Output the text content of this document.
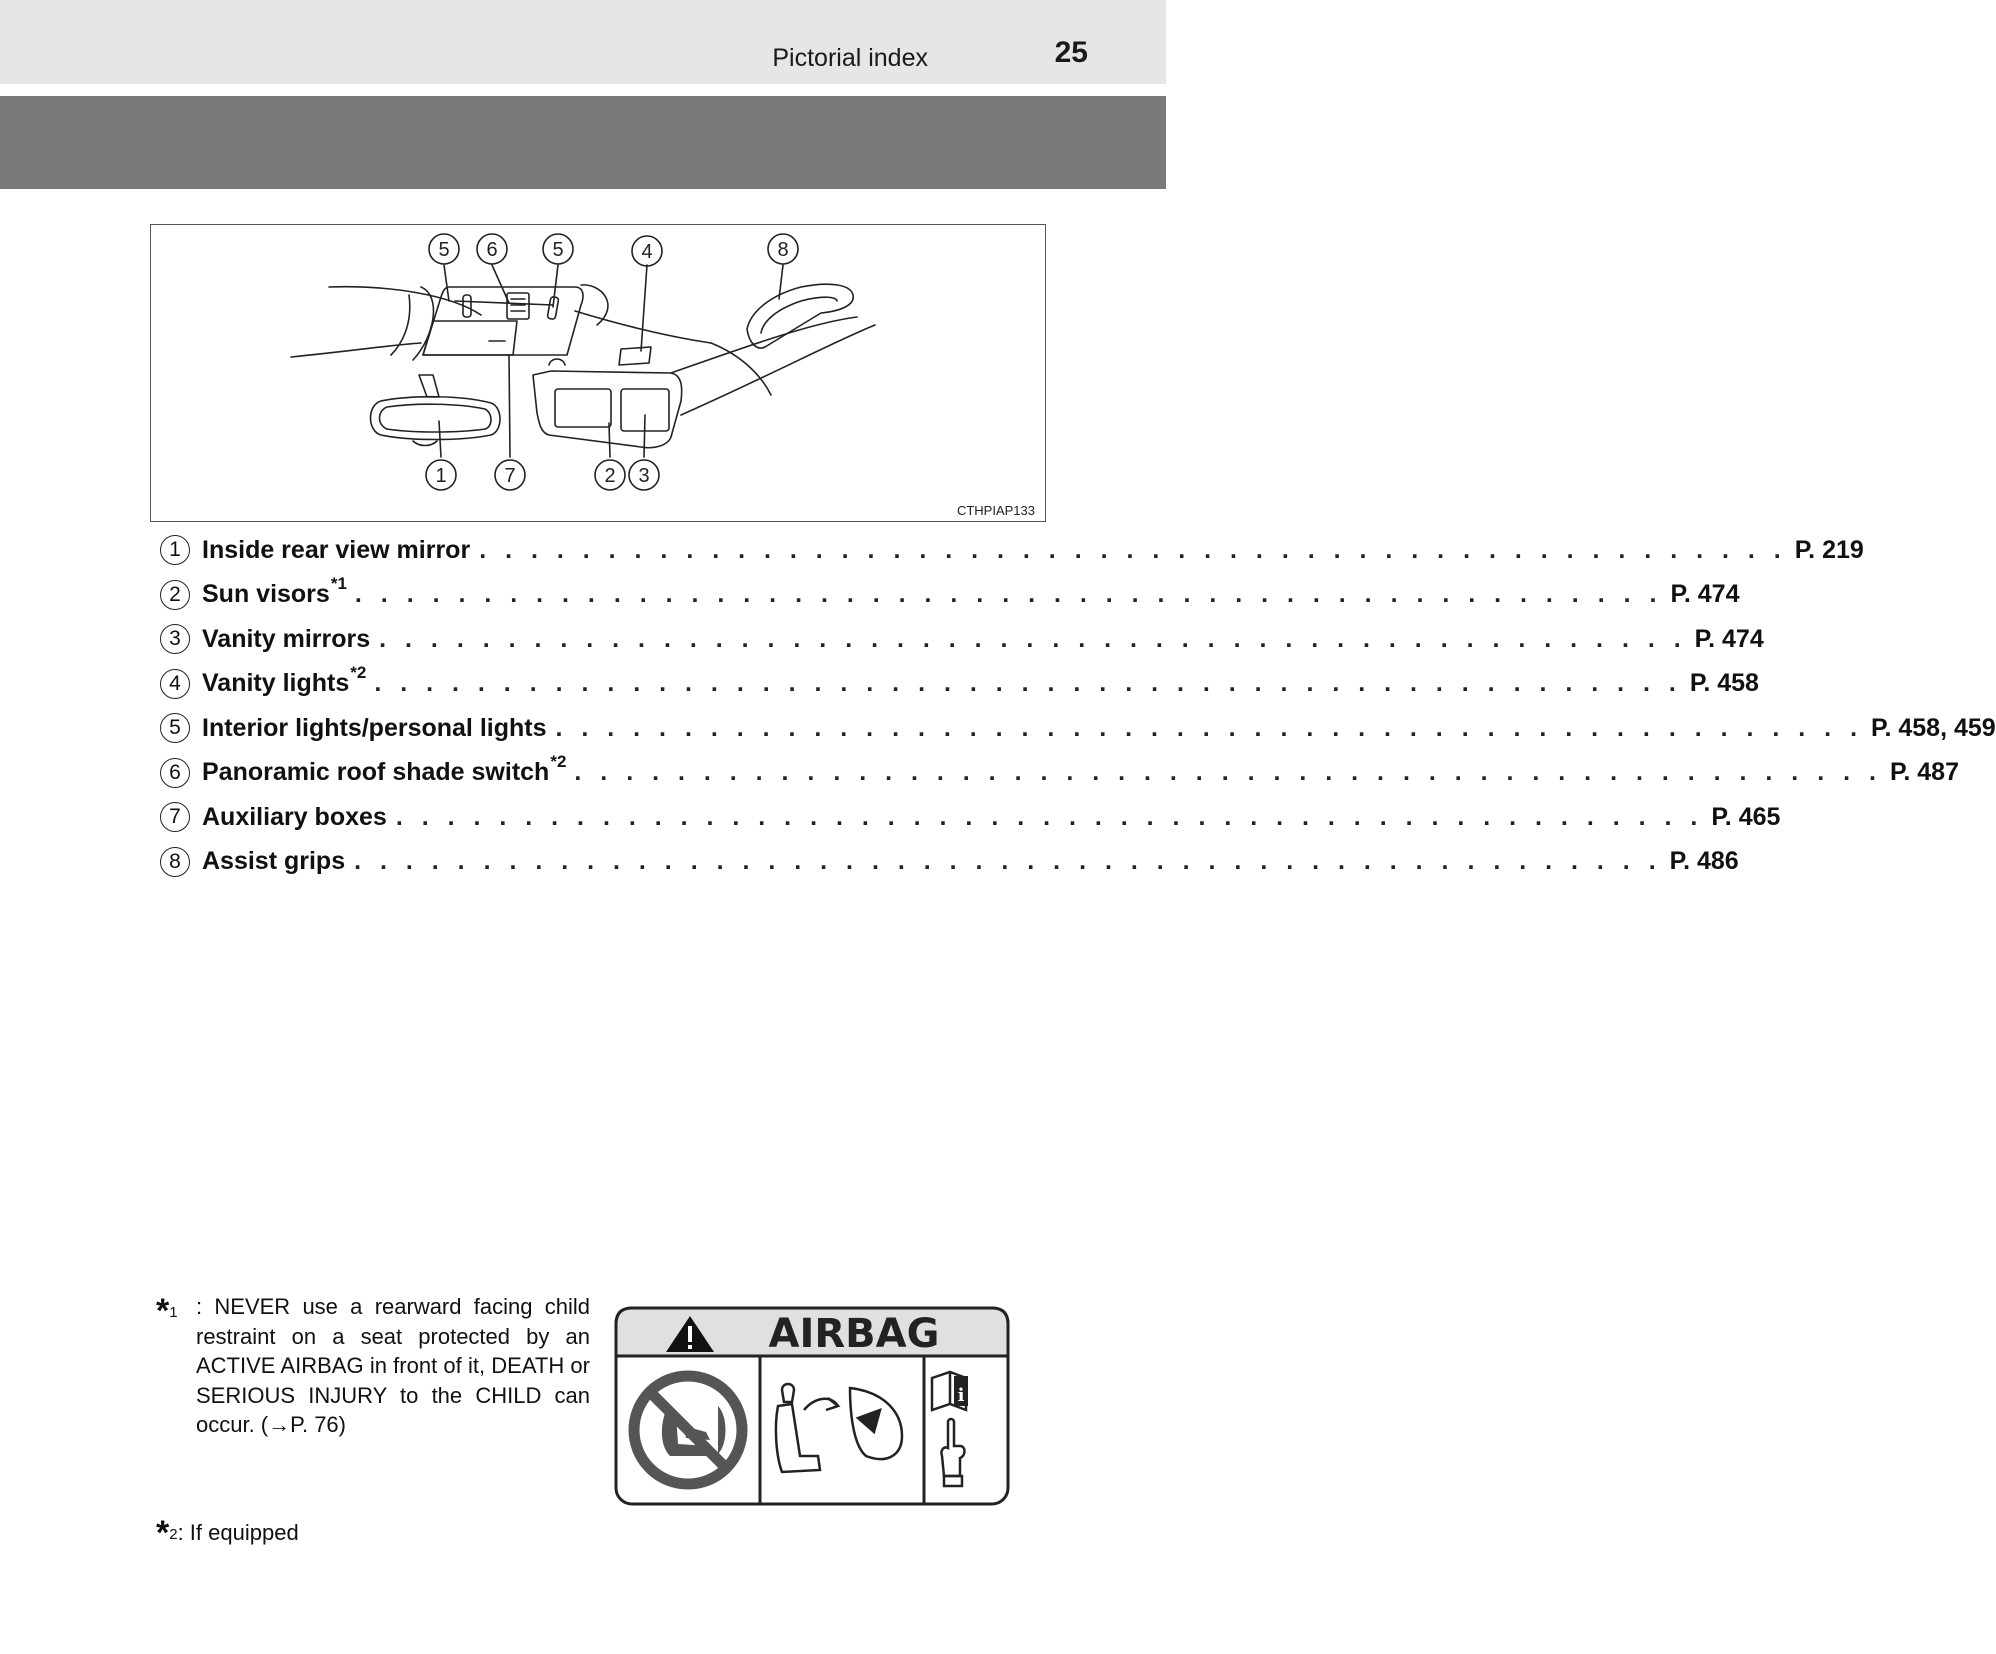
Pictorial index	25
5 6	5	4	8
1	7	2 3
CTHPIAP133
1 Inside rear view mirror . . . . . . . . . . . . . . . . . . . . . . . . . . . . . . . . . . . . . . . . . . . . . . . . . . . P. 219
2 Sun visors$^{*1}$ . . . . . . . . . . . . . . . . . . . . . . . . . . . . . . . . . . . . . . . . . . . . . . . . . . . P. 474
3 Vanity mirrors . . . . . . . . . . . . . . . . . . . . . . . . . . . . . . . . . . . . . . . . . . . . . . . . . . . P. 474
4 Vanity lights$^{*2}$ . . . . . . . . . . . . . . . . . . . . . . . . . . . . . . . . . . . . . . . . . . . . . . . . . . . P. 458
5 Interior lights/personal lights . . . . . . . . . . . . . . . . . . . . . . . . . . . . . . . . . . . . . . . . . . . . . . . . . . . P. 458, 459
6 Panoramic roof shade switch$^{*2}$ . . . . . . . . . . . . . . . . . . . . . . . . . . . . . . . . . . . . . . . . . . . . . . . . . . . P. 487
7 Auxiliary boxes . . . . . . . . . . . . . . . . . . . . . . . . . . . . . . . . . . . . . . . . . . . . . . . . . . . P. 465
8 Assist grips . . . . . . . . . . . . . . . . . . . . . . . . . . . . . . . . . . . . . . . . . . . . . . . . . . . P. 486
*$^1$ : NEVER use a rearward facing child restraint on a seat protected by an ACTIVE AIRBAG in front of it, DEATH or SERIOUS INJURY to the CHILD can occur. (→P. 76)
*$^2$: If equipped
AIRBAG
i
